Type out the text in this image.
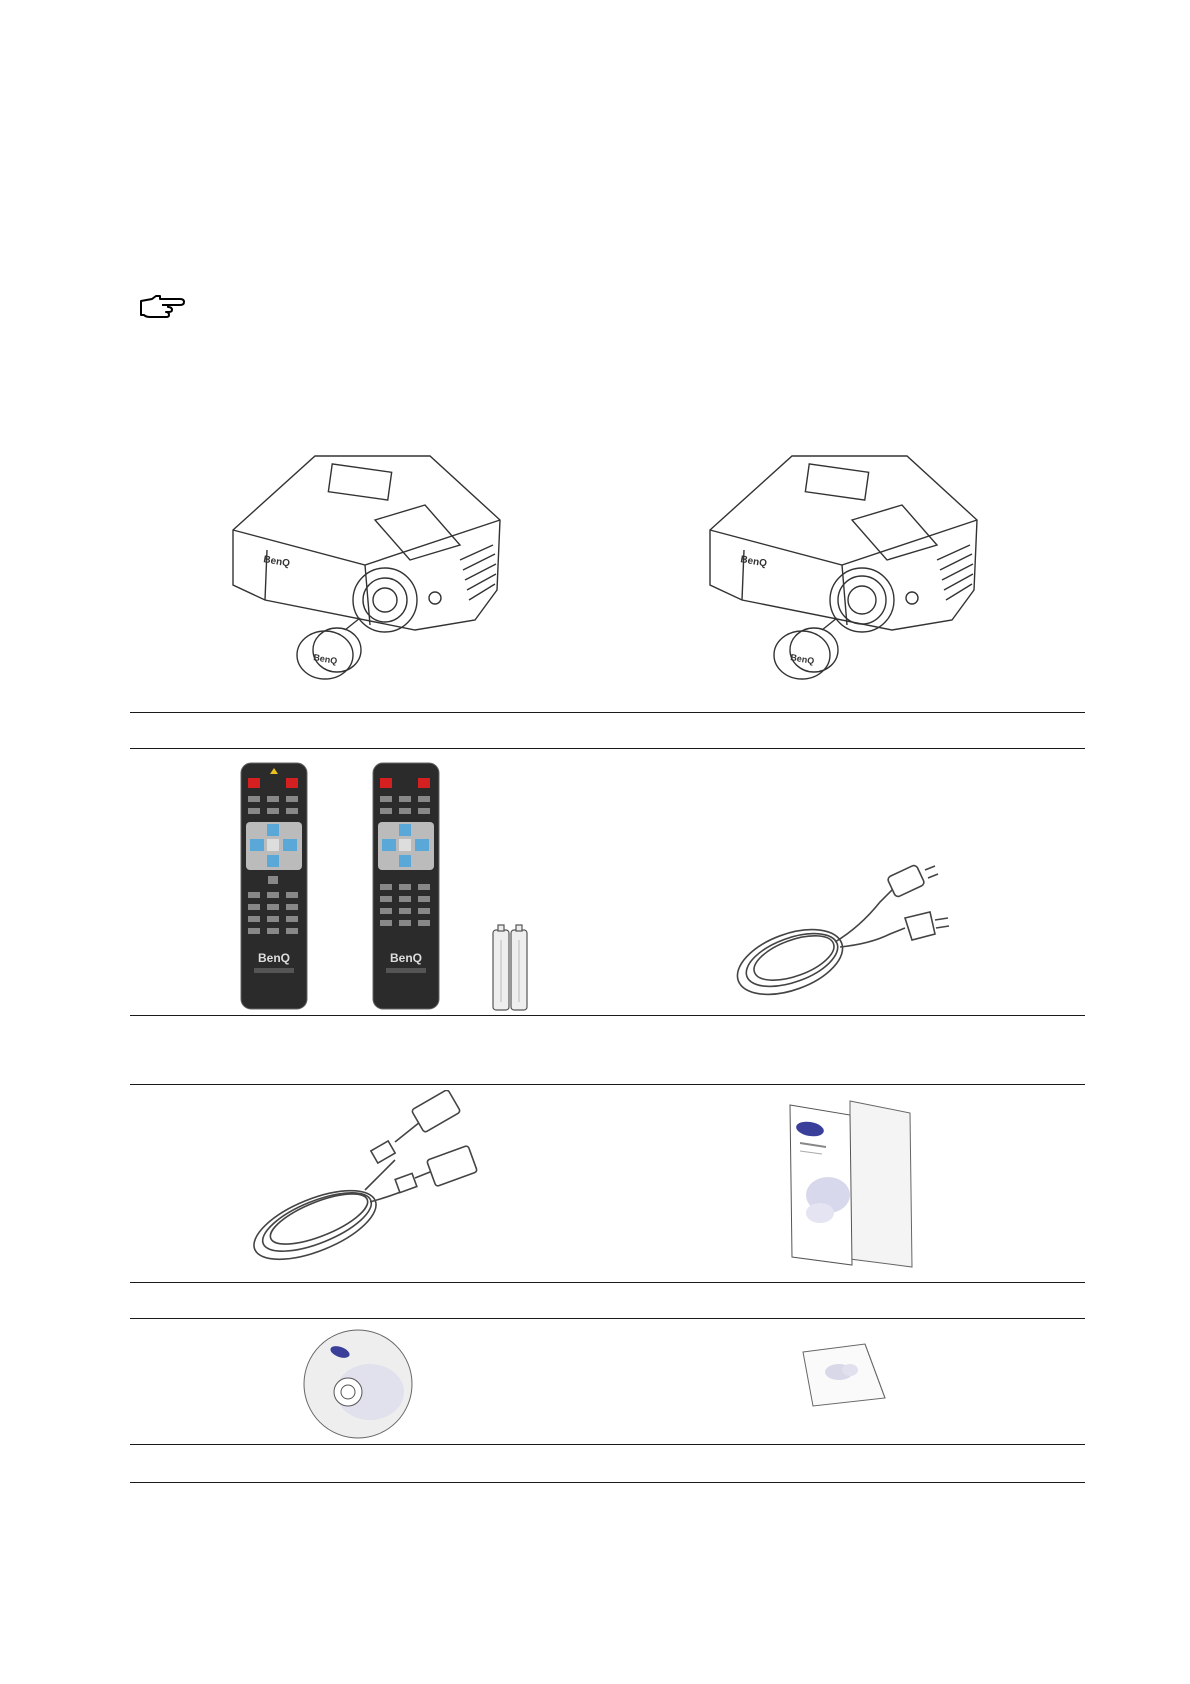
BenQ
BenQ
BenQ
BenQ
BenQ	BenQ
